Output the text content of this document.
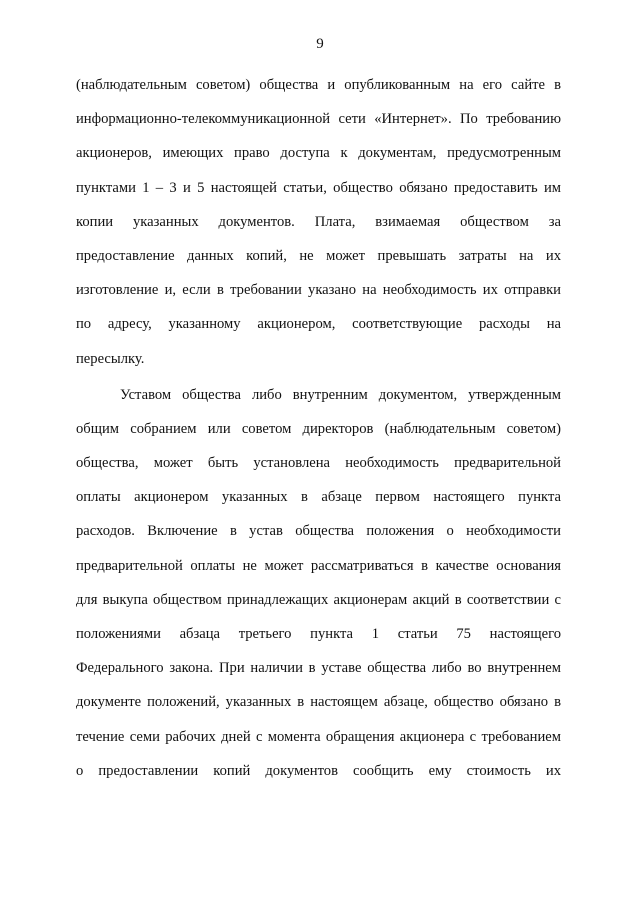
9
(наблюдательным советом) общества и опубликованным на его сайте в
информационно-телекоммуникационной сети «Интернет». По требованию
акционеров, имеющих право доступа к документам, предусмотренным
пунктами 1 – 3 и 5 настоящей статьи, общество обязано предоставить им
копии указанных документов. Плата, взимаемая обществом за
предоставление данных копий, не может превышать затраты на их
изготовление и, если в требовании указано на необходимость их отправки
по адресу, указанному акционером, соответствующие расходы на
пересылку.
Уставом общества либо внутренним документом, утвержденным
общим собранием или советом директоров (наблюдательным советом)
общества, может быть установлена необходимость предварительной
оплаты акционером указанных в абзаце первом настоящего пункта
расходов. Включение в устав общества положения о необходимости
предварительной оплаты не может рассматриваться в качестве основания
для выкупа обществом принадлежащих акционерам акций в соответствии с
положениями абзаца третьего пункта 1 статьи 75 настоящего
Федерального закона. При наличии в уставе общества либо во внутреннем
документе положений, указанных в настоящем абзаце, общество обязано в
течение семи рабочих дней с момента обращения акционера с требованием
о предоставлении копий документов сообщить ему стоимость их
